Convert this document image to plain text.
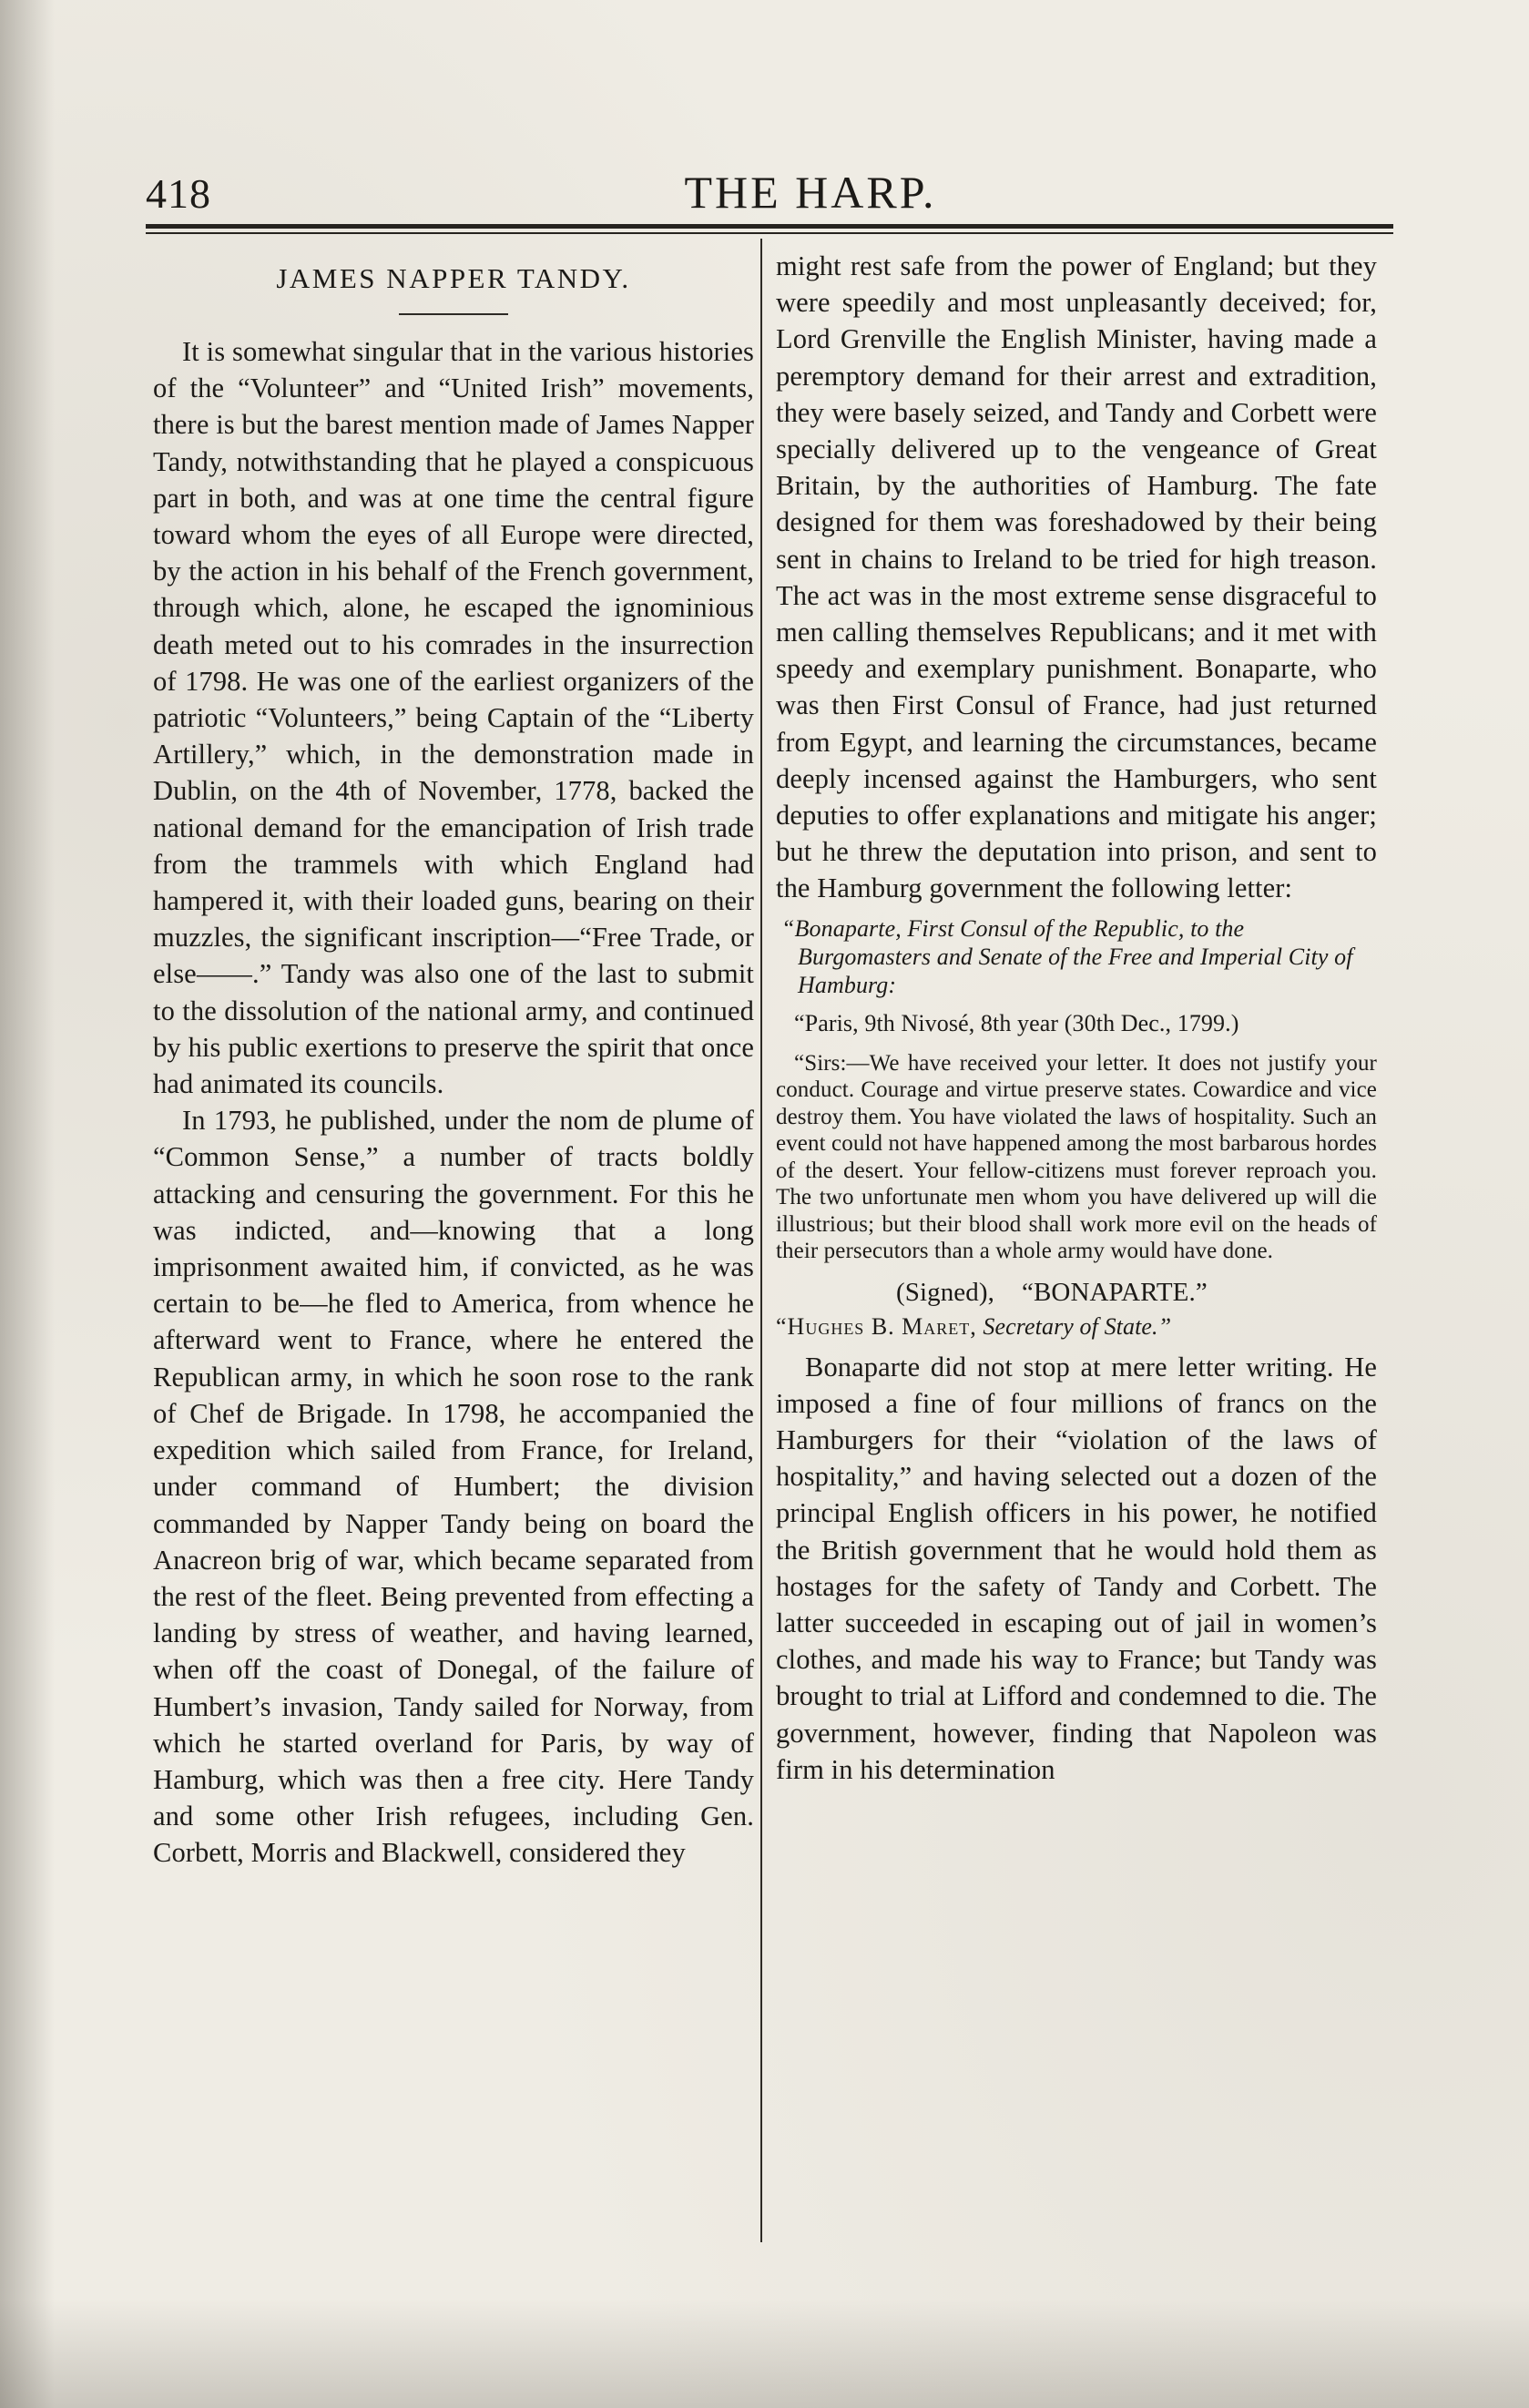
418	THE HARP.
JAMES NAPPER TANDY.

It is somewhat singular that in the various histories of the “Volunteer” and “United Irish” movements, there is but the barest mention made of James Napper Tandy, notwithstanding that he played a conspicuous part in both, and was at one time the central figure toward whom the eyes of all Europe were directed, by the action in his behalf of the French government, through which, alone, he escaped the ignominious death meted out to his comrades in the insurrection of 1798. He was one of the earliest organizers of the patriotic “Volunteers,” being Captain of the “Liberty Artillery,” which, in the demonstration made in Dublin, on the 4th of November, 1778, backed the national demand for the emancipation of Irish trade from the trammels with which England had hampered it, with their loaded guns, bearing on their muzzles, the significant inscription—“Free Trade, or else——.” Tandy was also one of the last to submit to the dissolution of the national army, and continued by his public exertions to preserve the spirit that once had animated its councils.

In 1793, he published, under the nom de plume of “Common Sense,” a number of tracts boldly attacking and censuring the government. For this he was indicted, and—knowing that a long imprisonment awaited him, if convicted, as he was certain to be—he fled to America, from whence he afterward went to France, where he entered the Republican army, in which he soon rose to the rank of Chef de Brigade. In 1798, he accompanied the expedition which sailed from France, for Ireland, under command of Humbert; the division commanded by Napper Tandy being on board the Anacreon brig of war, which became separated from the rest of the fleet. Being prevented from effecting a landing by stress of weather, and having learned, when off the coast of Donegal, of the failure of Humbert’s invasion, Tandy sailed for Norway, from which he started overland for Paris, by way of Hamburg, which was then a free city. Here Tandy and some other Irish refugees, including Gen. Corbett, Morris and Blackwell, considered they

might rest safe from the power of England; but they were speedily and most unpleasantly deceived; for, Lord Grenville the English Minister, having made a peremptory demand for their arrest and extradition, they were basely seized, and Tandy and Corbett were specially delivered up to the vengeance of Great Britain, by the authorities of Hamburg. The fate designed for them was foreshadowed by their being sent in chains to Ireland to be tried for high treason. The act was in the most extreme sense disgraceful to men calling themselves Republicans; and it met with speedy and exemplary punishment. Bonaparte, who was then First Consul of France, had just returned from Egypt, and learning the circumstances, became deeply incensed against the Hamburgers, who sent deputies to offer explanations and mitigate his anger; but he threw the deputation into prison, and sent to the Hamburg government the following letter:

“Bonaparte, First Consul of the Republic, to the Burgomasters and Senate of the Free and Imperial City of Hamburg:

“Paris, 9th Nivosé, 8th year (30th Dec., 1799.)

“Sirs:—We have received your letter. It does not justify your conduct. Courage and virtue preserve states. Cowardice and vice destroy them. You have violated the laws of hospitality. Such an event could not have happened among the most barbarous hordes of the desert. Your fellow-citizens must forever reproach you. The two unfortunate men whom you have delivered up will die illustrious; but their blood shall work more evil on the heads of their persecutors than a whole army would have done.

(Signed), “BONAPARTE.”

“Hughes B. Maret, Secretary of State.”

Bonaparte did not stop at mere letter writing. He imposed a fine of four millions of francs on the Hamburgers for their “violation of the laws of hospitality,” and having selected out a dozen of the principal English officers in his power, he notified the British government that he would hold them as hostages for the safety of Tandy and Corbett. The latter succeeded in escaping out of jail in women’s clothes, and made his way to France; but Tandy was brought to trial at Lifford and condemned to die. The government, however, finding that Napoleon was firm in his determination
